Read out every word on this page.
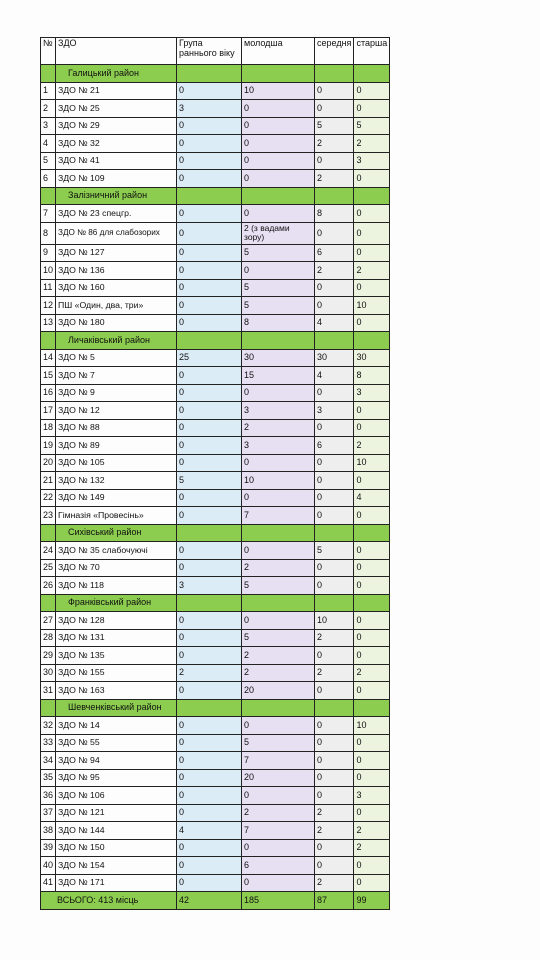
№	ЗДО	Група раннього віку	молодша	середня	старша
	Галицький район				
1	ЗДО № 21	0	10	0	0
2	ЗДО № 25	3	0	0	0
3	ЗДО № 29	0	0	5	5
4	ЗДО № 32	0	0	2	2
5	ЗДО № 41	0	0	0	3
6	ЗДО № 109	0	0	2	0
	Залізничний район				
7	ЗДО № 23 спецгр.	0	0	8	0
8	ЗДО № 86 для слабозорих	0	2 (з вадами зору)	0	0
9	ЗДО № 127	0	5	6	0
10	ЗДО № 136	0	0	2	2
11	ЗДО № 160	0	5	0	0
12	ПШ «Один, два, три»	0	5	0	10
13	ЗДО № 180	0	8	4	0
	Личаківський район				
14	ЗДО № 5	25	30	30	30
15	ЗДО № 7	0	15	4	8
16	ЗДО № 9	0	0	0	3
17	ЗДО № 12	0	3	3	0
18	ЗДО № 88	0	2	0	0
19	ЗДО № 89	0	3	6	2
20	ЗДО № 105	0	0	0	10
21	ЗДО № 132	5	10	0	0
22	ЗДО № 149	0	0	0	4
23	Гімназія «Провесінь»	0	7	0	0
	Сихівський район				
24	ЗДО № 35 слабочуючі	0	0	5	0
25	ЗДО № 70	0	2	0	0
26	ЗДО № 118	3	5	0	0
	Франківський район				
27	ЗДО № 128	0	0	10	0
28	ЗДО № 131	0	5	2	0
29	ЗДО № 135	0	2	0	0
30	ЗДО № 155	2	2	2	2
31	ЗДО № 163	0	20	0	0
	Шевченківський район				
32	ЗДО № 14	0	0	0	10
33	ЗДО № 55	0	5	0	0
34	ЗДО № 94	0	7	0	0
35	ЗДО № 95	0	20	0	0
36	ЗДО № 106	0	0	0	3
37	ЗДО № 121	0	2	2	0
38	ЗДО № 144	4	7	2	2
39	ЗДО № 150	0	0	0	2
40	ЗДО № 154	0	6	0	0
41	ЗДО № 171	0	0	2	0
ВСЬОГО: 413 місць		42	185	87	99
